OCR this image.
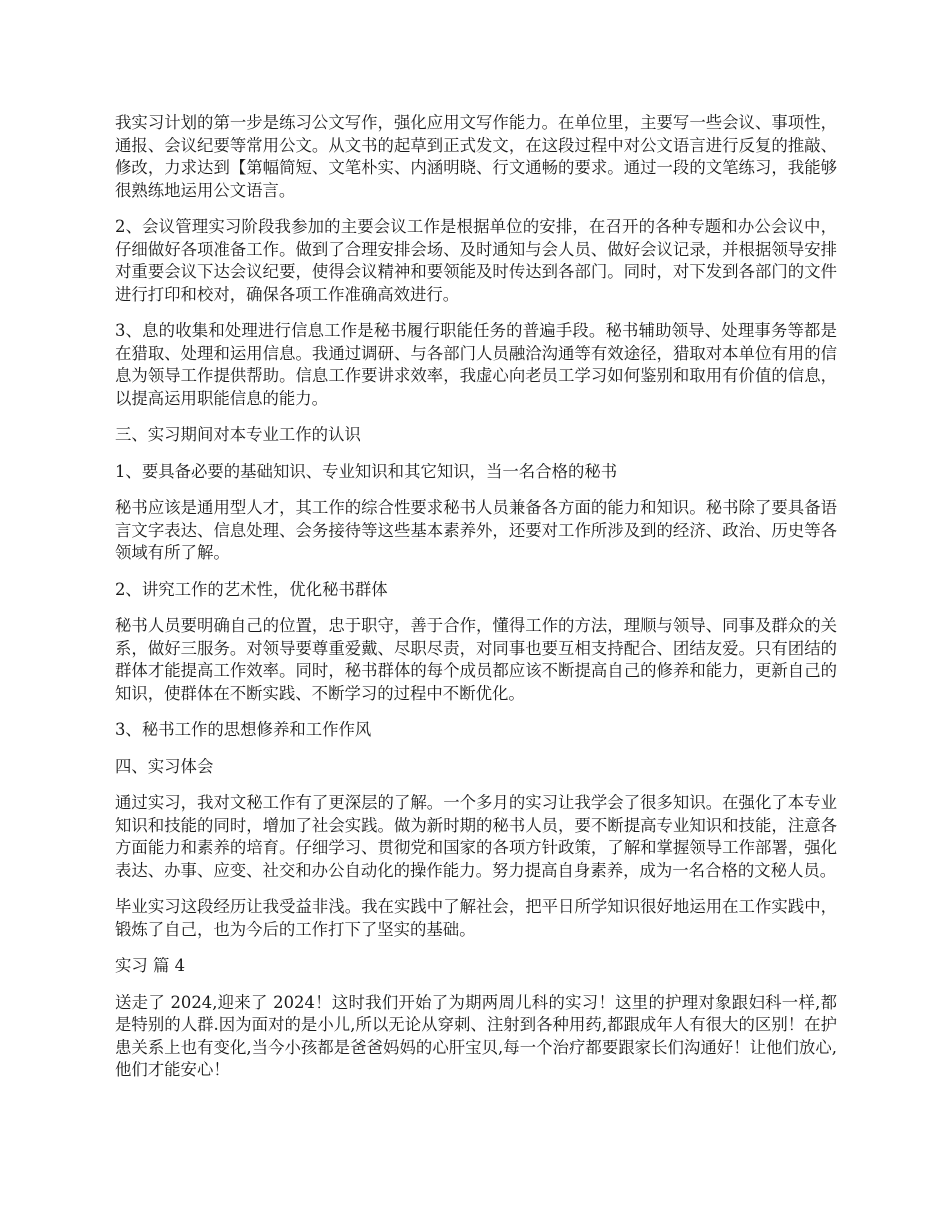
我实习计划的第一步是练习公文写作，强化应用文写作能力。在单位里，主要写一些会议、事项性，通报、会议纪要等常用公文。从文书的起草到正式发文，在这段过程中对公文语言进行反复的推敲、修改，力求达到【第幅简短、文笔朴实、内涵明晓、行文通畅的要求。通过一段的文笔练习，我能够很熟练地运用公文语言。

2、会议管理实习阶段我参加的主要会议工作是根据单位的安排，在召开的各种专题和办公会议中，仔细做好各项准备工作。做到了合理安排会场、及时通知与会人员、做好会议记录，并根据领导安排对重要会议下达会议纪要，使得会议精神和要领能及时传达到各部门。同时，对下发到各部门的文件进行打印和校对，确保各项工作准确高效进行。

3、息的收集和处理进行信息工作是秘书履行职能任务的普遍手段。秘书辅助领导、处理事务等都是在猎取、处理和运用信息。我通过调研、与各部门人员融洽沟通等有效途径，猎取对本单位有用的信息为领导工作提供帮助。信息工作要讲求效率，我虚心向老员工学习如何鉴别和取用有价值的信息，以提高运用职能信息的能力。

三、实习期间对本专业工作的认识

1、要具备必要的基础知识、专业知识和其它知识，当一名合格的秘书

秘书应该是通用型人才，其工作的综合性要求秘书人员兼备各方面的能力和知识。秘书除了要具备语言文字表达、信息处理、会务接待等这些基本素养外，还要对工作所涉及到的经济、政治、历史等各领域有所了解。

2、讲究工作的艺术性，优化秘书群体

秘书人员要明确自己的位置，忠于职守，善于合作，懂得工作的方法，理顺与领导、同事及群众的关系，做好三服务。对领导要尊重爱戴、尽职尽责，对同事也要互相支持配合、团结友爱。只有团结的群体才能提高工作效率。同时，秘书群体的每个成员都应该不断提高自己的修养和能力，更新自己的知识，使群体在不断实践、不断学习的过程中不断优化。

3、秘书工作的思想修养和工作作风

四、实习体会

通过实习，我对文秘工作有了更深层的了解。一个多月的实习让我学会了很多知识。在强化了本专业知识和技能的同时，增加了社会实践。做为新时期的秘书人员，要不断提高专业知识和技能，注意各方面能力和素养的培育。仔细学习、贯彻党和国家的各项方针政策，了解和掌握领导工作部署，强化表达、办事、应变、社交和办公自动化的操作能力。努力提高自身素养，成为一名合格的文秘人员。

毕业实习这段经历让我受益非浅。我在实践中了解社会，把平日所学知识很好地运用在工作实践中，锻炼了自己，也为今后的工作打下了坚实的基础。

实习 篇 4

送走了 2024,迎来了 2024！这时我们开始了为期两周儿科的实习！这里的护理对象跟妇科一样,都是特别的人群.因为面对的是小儿,所以无论从穿刺、注射到各种用药,都跟成年人有很大的区别！在护患关系上也有变化,当今小孩都是爸爸妈妈的心肝宝贝,每一个治疗都要跟家长们沟通好！让他们放心,他们才能安心！
